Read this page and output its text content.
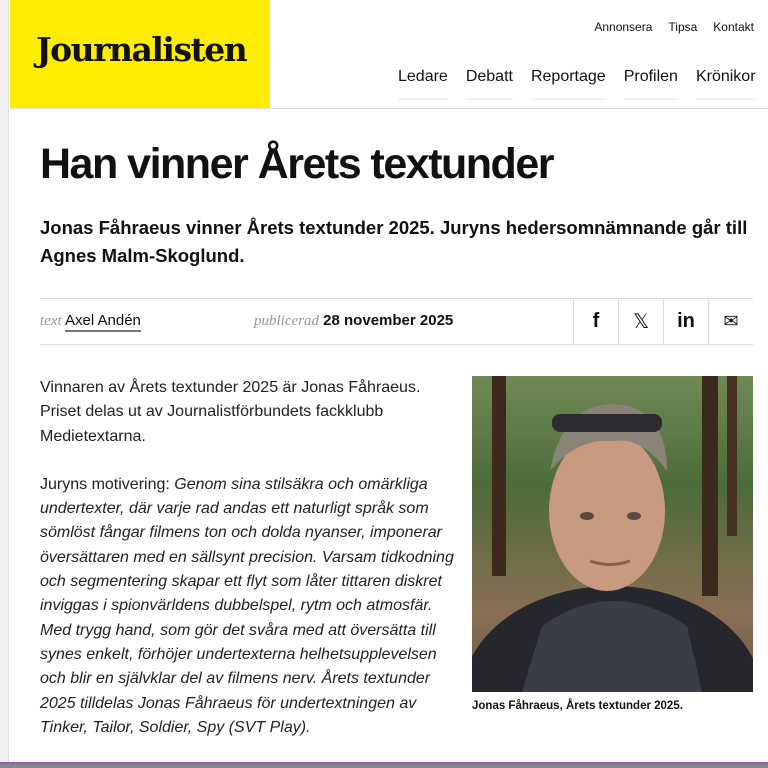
Journalisten
Annonsera Tipsa Kontakt
Ledare Debatt Reportage Profilen Krönikor
Han vinner Årets textunder
Jonas Fåhraeus vinner Årets textunder 2025. Juryns hedersomnämnande går till Agnes Malm-Skoglund.
text Axel Andén	publicerad 28 november 2025	f	𝕏	in	✉

Vinnaren av Årets textunder 2025 är Jonas Fåhraeus. Priset delas ut av Journalistförbundets fackklubb Medietextarna.

Juryns motivering: Genom sina stilsäkra och omärkliga undertexter, där varje rad andas ett naturligt språk som sömlöst fångar filmens ton och dolda nyanser, imponerar översättaren med en sällsynt precision. Varsam tidkodning och segmentering skapar ett flyt som låter tittaren diskret inviggas i spionvärldens dubbelspel, rytm och atmosfär. Med trygg hand, som gör det svåra med att översätta till synes enkelt, förhöjer undertexterna helhetsupplevelsen och blir en självklar del av filmens nerv. Årets textunder 2025 tilldelas Jonas Fåhraeus för undertextningen av Tinker, Tailor, Soldier, Spy (SVT Play).

Jonas Fåhraeus, Årets textunder 2025.
